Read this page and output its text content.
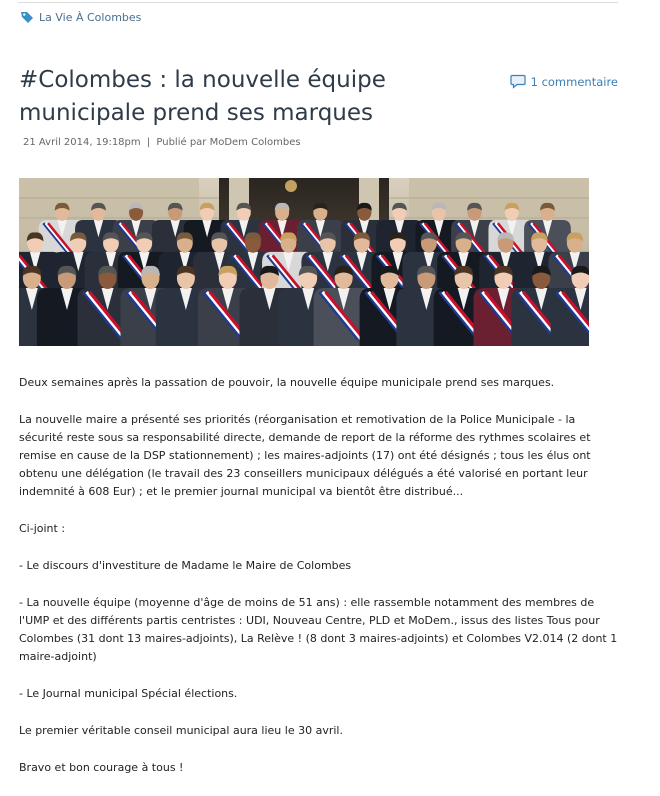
La Vie À Colombes
#Colombes : la nouvelle équipe municipale prend ses marques
1 commentaire
21 Avril 2014, 19:18pm | Publié par MoDem Colombes

Deux semaines après la passation de pouvoir, la nouvelle équipe municipale prend ses marques.

La nouvelle maire a présenté ses priorités (réorganisation et remotivation de la Police Municipale - la sécurité reste sous sa responsabilité directe, demande de report de la réforme des rythmes scolaires et remise en cause de la DSP stationnement) ; les maires-adjoints (17) ont été désignés ; tous les élus ont obtenu une délégation (le travail des 23 conseillers municipaux délégués a été valorisé en portant leur indemnité à 608 Eur) ; et le premier journal municipal va bientôt être distribué...

Ci-joint :

- Le discours d'investiture de Madame le Maire de Colombes

- La nouvelle équipe (moyenne d'âge de moins de 51 ans) : elle rassemble notamment des membres de l'UMP et des différents partis centristes : UDI, Nouveau Centre, PLD et MoDem., issus des listes Tous pour Colombes (31 dont 13 maires-adjoints), La Relève ! (8 dont 3 maires-adjoints) et Colombes V2.014 (2 dont 1 maire-adjoint)

- Le Journal municipal Spécial élections.

Le premier véritable conseil municipal aura lieu le 30 avril.

Bravo et bon courage à tous !
